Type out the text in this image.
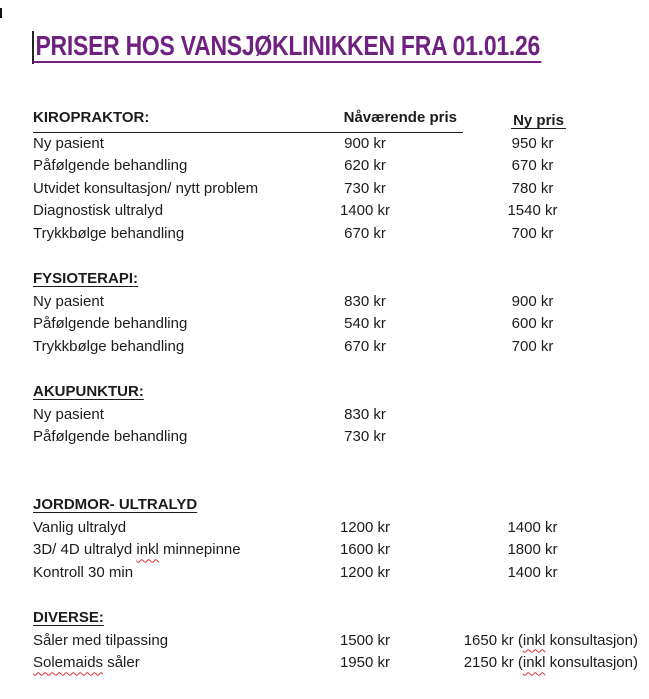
PRISER HOS VANSJØKLINIKKEN FRA 01.01.26
KIROPRAKTOR:	Nåværende pris	Ny pris
Ny pasient	900 kr	950 kr
Påfølgende behandling	620 kr	670 kr
Utvidet konsultasjon/ nytt problem	730 kr	780 kr
Diagnostisk ultralyd	1400 kr	1540 kr
Trykkbølge behandling	670 kr	700 kr
FYSIOTERAPI:
Ny pasient	830 kr	900 kr
Påfølgende behandling	540 kr	600 kr
Trykkbølge behandling	670 kr	700 kr
AKUPUNKTUR:
Ny pasient	830 kr
Påfølgende behandling	730 kr
JORDMOR- ULTRALYD
Vanlig ultralyd	1200 kr	1400 kr
3D/ 4D ultralyd inkl minnepinne	1600 kr	1800 kr
Kontroll 30 min	1200 kr	1400 kr
DIVERSE:
Såler med tilpassing	1500 kr	1650 kr (inkl konsultasjon)
Solemaids såler	1950 kr	2150 kr (inkl konsultasjon)
